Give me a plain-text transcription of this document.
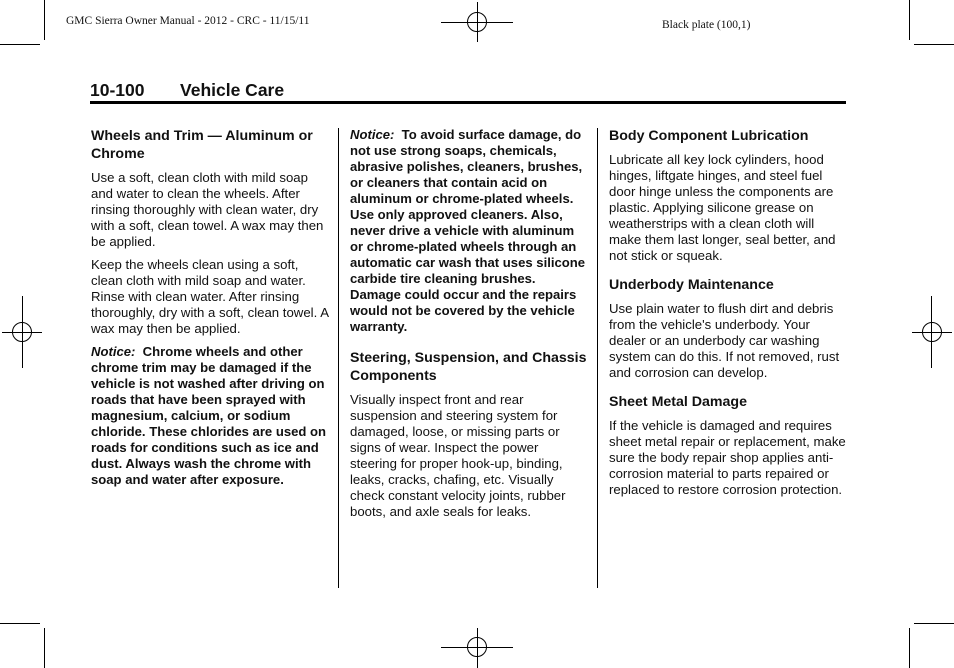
GMC Sierra Owner Manual - 2012 - CRC - 11/15/11	Black plate (100,1)
10-100 Vehicle Care
Wheels and Trim — Aluminum or Chrome

Use a soft, clean cloth with mild soap and water to clean the wheels. After rinsing thoroughly with clean water, dry with a soft, clean towel. A wax may then be applied.

Keep the wheels clean using a soft, clean cloth with mild soap and water. Rinse with clean water. After rinsing thoroughly, dry with a soft, clean towel. A wax may then be applied.

Notice: Chrome wheels and other chrome trim may be damaged if the vehicle is not washed after driving on roads that have been sprayed with magnesium, calcium, or sodium chloride. These chlorides are used on roads for conditions such as ice and dust. Always wash the chrome with soap and water after exposure.

Notice: To avoid surface damage, do not use strong soaps, chemicals, abrasive polishes, cleaners, brushes, or cleaners that contain acid on aluminum or chrome-plated wheels. Use only approved cleaners. Also, never drive a vehicle with aluminum or chrome-plated wheels through an automatic car wash that uses silicone carbide tire cleaning brushes. Damage could occur and the repairs would not be covered by the vehicle warranty.

Steering, Suspension, and Chassis Components

Visually inspect front and rear suspension and steering system for damaged, loose, or missing parts or signs of wear. Inspect the power steering for proper hook-up, binding, leaks, cracks, chafing, etc. Visually check constant velocity joints, rubber boots, and axle seals for leaks.

Body Component Lubrication

Lubricate all key lock cylinders, hood hinges, liftgate hinges, and steel fuel door hinge unless the components are plastic. Applying silicone grease on weatherstrips with a clean cloth will make them last longer, seal better, and not stick or squeak.

Underbody Maintenance

Use plain water to flush dirt and debris from the vehicle's underbody. Your dealer or an underbody car washing system can do this. If not removed, rust and corrosion can develop.

Sheet Metal Damage

If the vehicle is damaged and requires sheet metal repair or replacement, make sure the body repair shop applies anti-corrosion material to parts repaired or replaced to restore corrosion protection.
